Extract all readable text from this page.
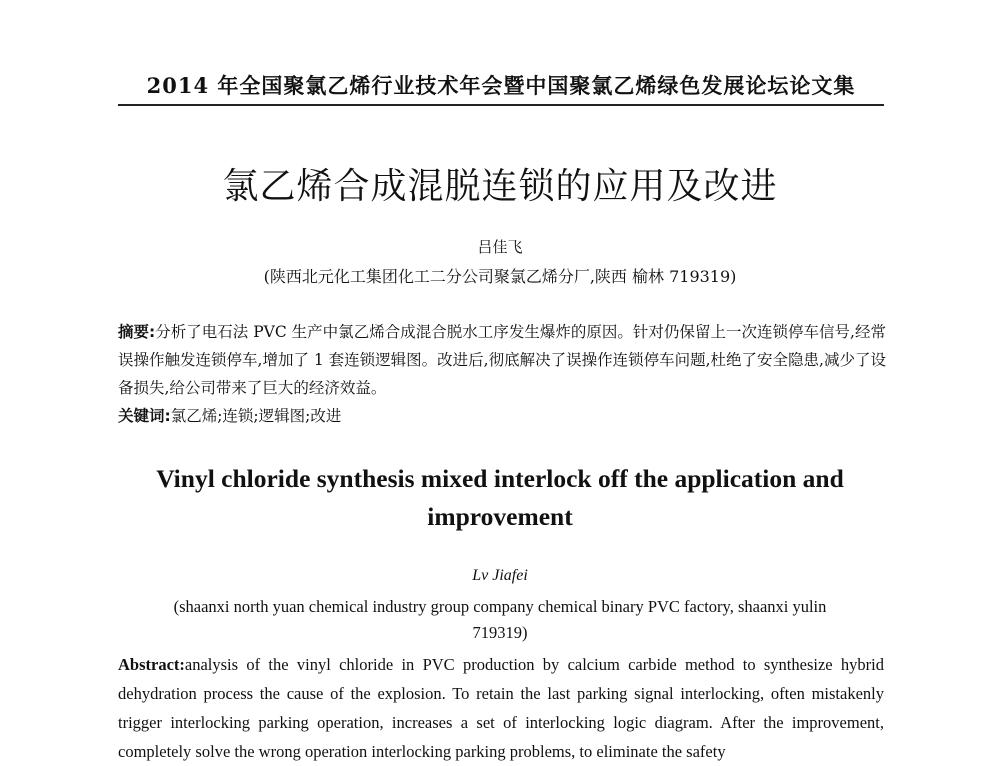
2014 年全国聚氯乙烯行业技术年会暨中国聚氯乙烯绿色发展论坛论文集
氯乙烯合成混脱连锁的应用及改进
吕佳飞
(陕西北元化工集团化工二分公司聚氯乙烯分厂,陕西 榆林 719319)
摘要:分析了电石法 PVC 生产中氯乙烯合成混合脱水工序发生爆炸的原因。针对仍保留上一次连锁停车信号,经常误操作触发连锁停车,增加了 1 套连锁逻辑图。改进后,彻底解决了误操作连锁停车问题,杜绝了安全隐患,减少了设备损失,给公司带来了巨大的经济效益。
关键词:氯乙烯;连锁;逻辑图;改进
Vinyl chloride synthesis mixed interlock off the application and improvement
Lv Jiafei
(shaanxi north yuan chemical industry group company chemical binary PVC factory, shaanxi yulin 719319)
Abstract:analysis of the vinyl chloride in PVC production by calcium carbide method to synthesize hybrid dehydration process the cause of the explosion. To retain the last parking signal interlocking, often mistakenly trigger interlocking parking operation, increases a set of interlocking logic diagram. After the improvement, completely solve the wrong operation interlocking parking problems, to eliminate the safety
